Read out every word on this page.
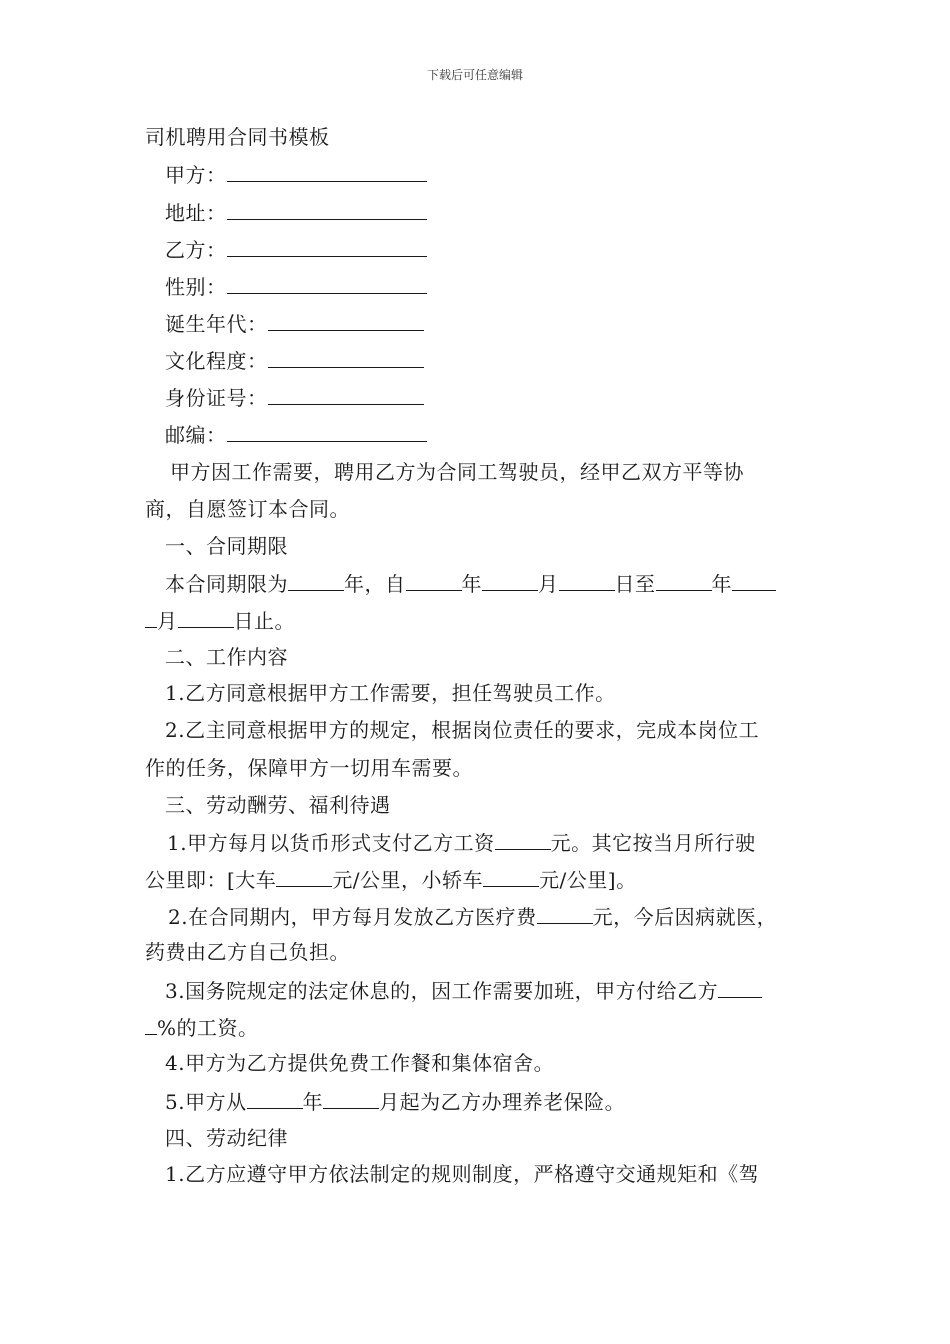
下载后可任意编辑
司机聘用合同书模板
甲方：
地址：
乙方：
性别：
诞生年代：
文化程度：
身份证号：
邮编：
甲方因工作需要，聘用乙方为合同工驾驶员，经甲乙双方平等协
商，自愿签订本合同。
一、合同期限
本合同期限为	年，自	年	月	日至	年
月	日止。
二、工作内容
1.乙方同意根据甲方工作需要，担任驾驶员工作。
2.乙主同意根据甲方的规定，根据岗位责任的要求，完成本岗位工
作的任务，保障甲方一切用车需要。
三、劳动酬劳、福利待遇
1.甲方每月以货币形式支付乙方工资	元。其它按当月所行驶
公里即：[大车	元/公里，小轿车	元/公里]。
2.在合同期内，甲方每月发放乙方医疗费	元，今后因病就医，
药费由乙方自己负担。
3.国务院规定的法定休息的，因工作需要加班，甲方付给乙方
%的工资。
4.甲方为乙方提供免费工作餐和集体宿舍。
5.甲方从	年	月起为乙方办理养老保险。
四、劳动纪律
1.乙方应遵守甲方依法制定的规则制度，严格遵守交通规矩和《驾
